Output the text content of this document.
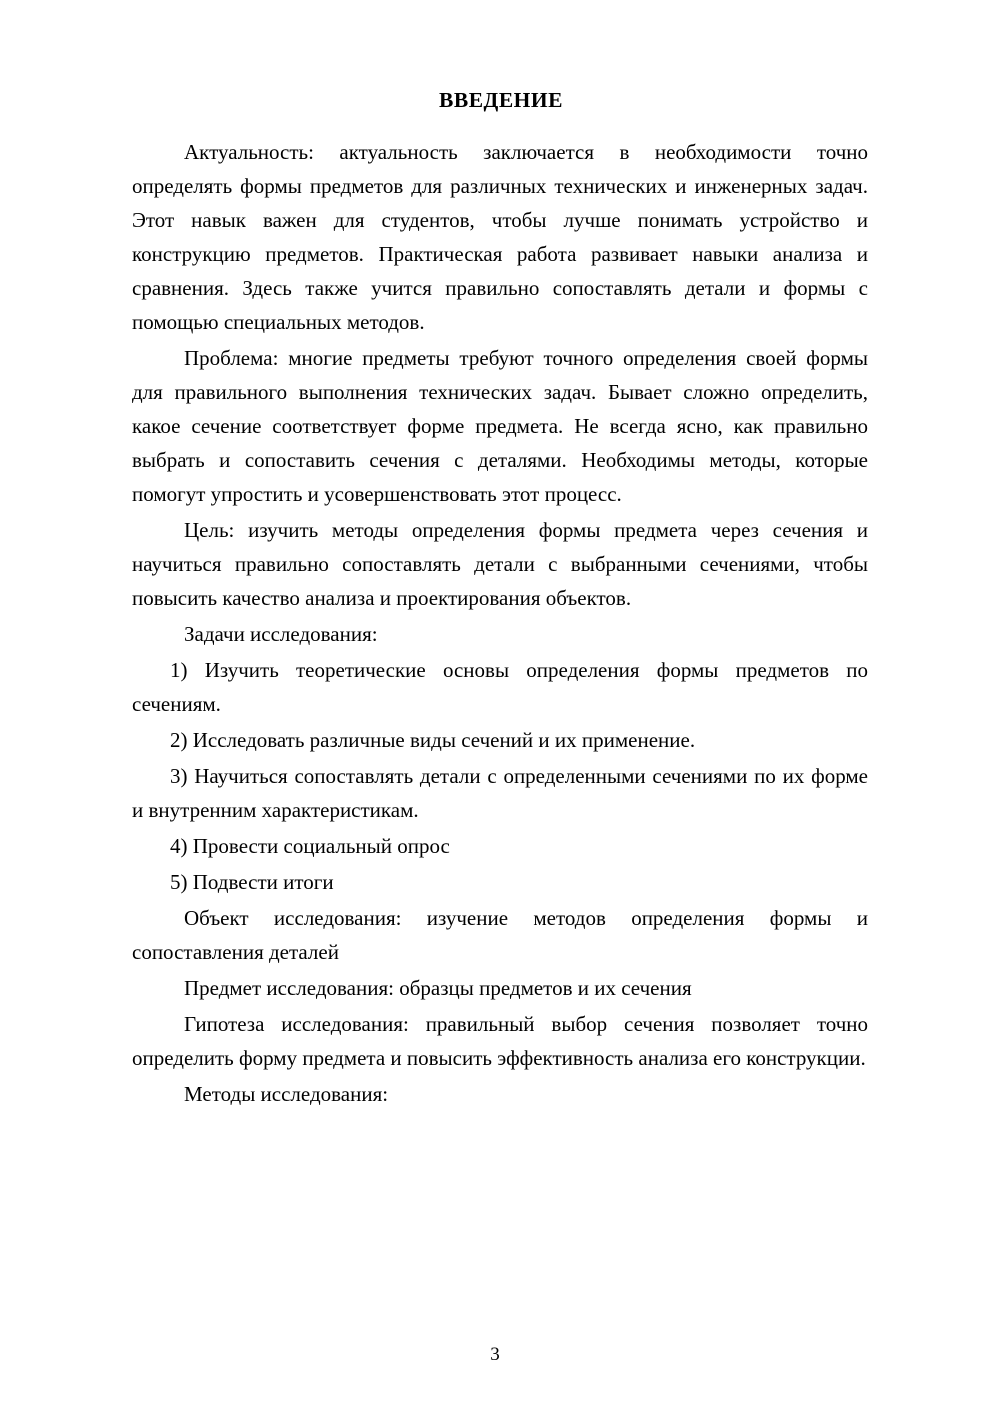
ВВЕДЕНИЕ

Актуальность: актуальность заключается в необходимости точно определять формы предметов для различных технических и инженерных задач. Этот навык важен для студентов, чтобы лучше понимать устройство и конструкцию предметов. Практическая работа развивает навыки анализа и сравнения. Здесь также учится правильно сопоставлять детали и формы с помощью специальных методов.

Проблема: многие предметы требуют точного определения своей формы для правильного выполнения технических задач. Бывает сложно определить, какое сечение соответствует форме предмета. Не всегда ясно, как правильно выбрать и сопоставить сечения с деталями. Необходимы методы, которые помогут упростить и усовершенствовать этот процесс.

Цель: изучить методы определения формы предмета через сечения и научиться правильно сопоставлять детали с выбранными сечениями, чтобы повысить качество анализа и проектирования объектов.

Задачи исследования:

1) Изучить теоретические основы определения формы предметов по сечениям.

2) Исследовать различные виды сечений и их применение.

3) Научиться сопоставлять детали с определенными сечениями по их форме и внутренним характеристикам.

4) Провести социальный опрос

5) Подвести итоги

Объект исследования: изучение методов определения формы и сопоставления деталей

Предмет исследования: образцы предметов и их сечения

Гипотеза исследования: правильный выбор сечения позволяет точно определить форму предмета и повысить эффективность анализа его конструкции.

Методы исследования:

3
